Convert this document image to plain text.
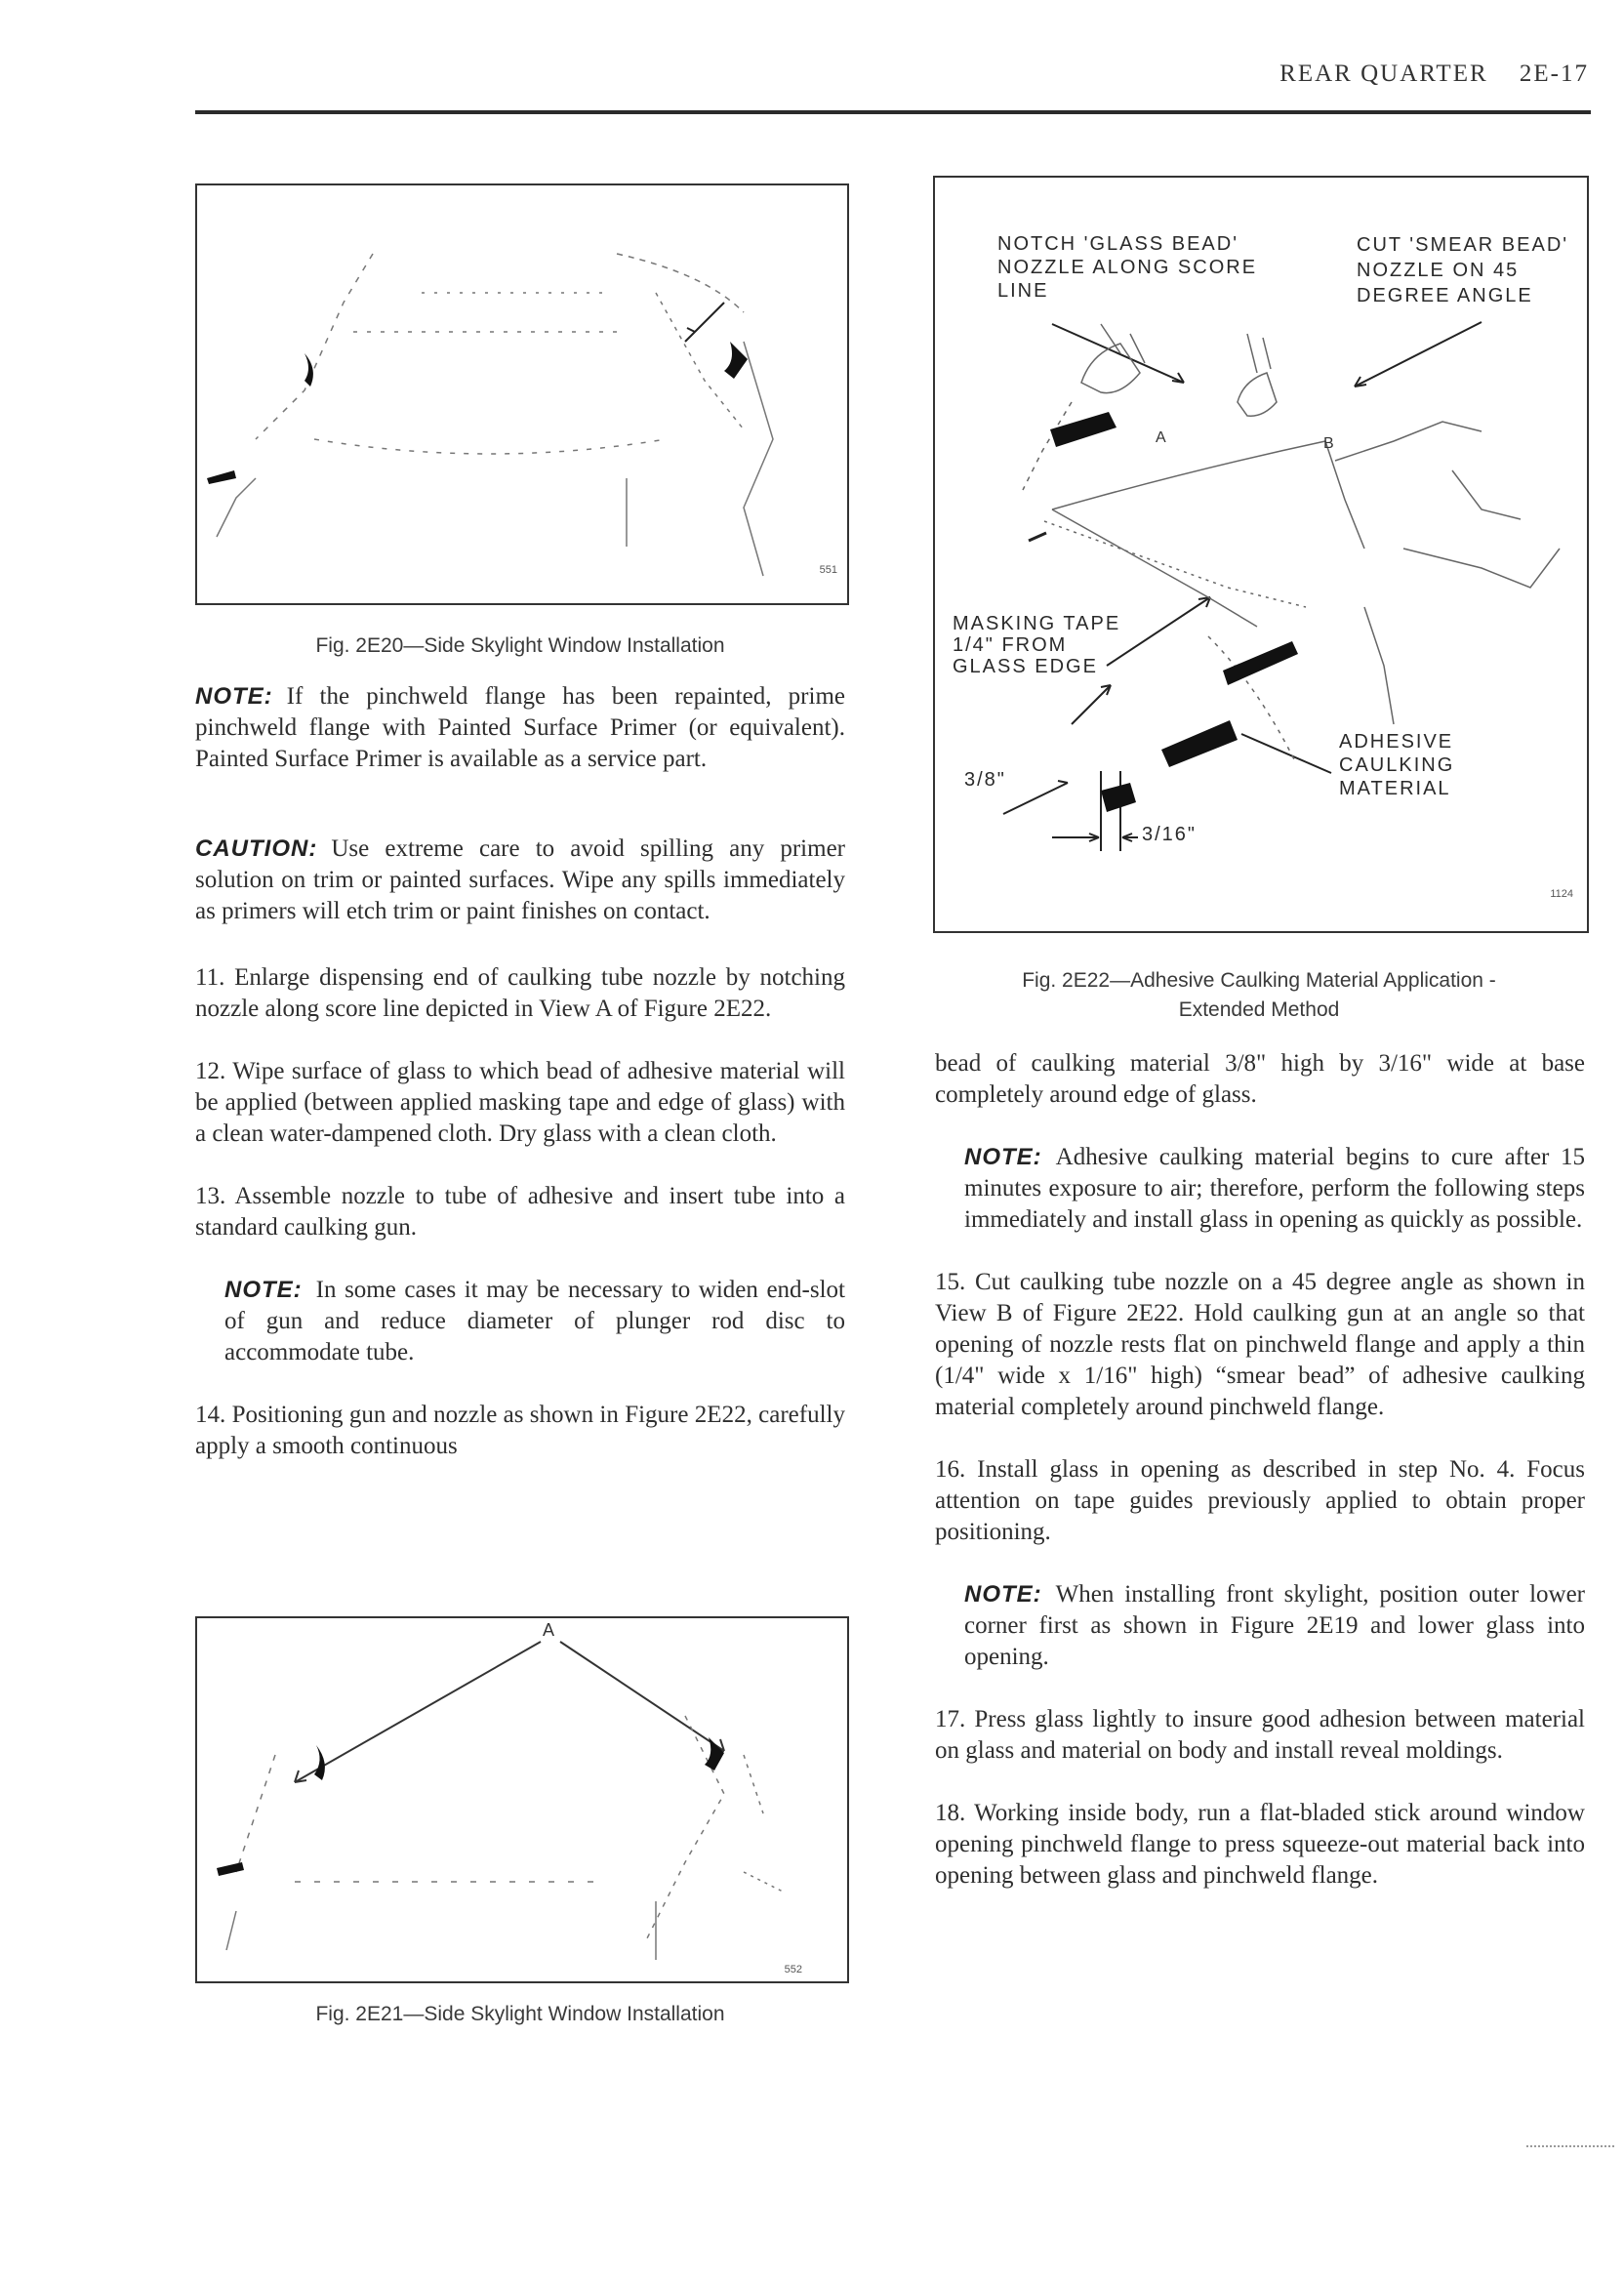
REAR QUARTER 2E-17
551
Fig. 2E20—Side Skylight Window Installation

NOTE: If the pinchweld flange has been repainted, prime pinchweld flange with Painted Surface Primer (or equivalent). Painted Surface Primer is available as a service part.

CAUTION: Use extreme care to avoid spilling any primer solution on trim or painted surfaces. Wipe any spills immediately as primers will etch trim or paint finishes on contact.

11. Enlarge dispensing end of caulking tube nozzle by notching nozzle along score line depicted in View A of Figure 2E22.

12. Wipe surface of glass to which bead of adhesive material will be applied (between applied masking tape and edge of glass) with a clean water-dampened cloth. Dry glass with a clean cloth.

13. Assemble nozzle to tube of adhesive and insert tube into a standard caulking gun.

NOTE: In some cases it may be necessary to widen end-slot of gun and reduce diameter of plunger rod disc to accommodate tube.

14. Positioning gun and nozzle as shown in Figure 2E22, carefully apply a smooth continuous

A
552
Fig. 2E21—Side Skylight Window Installation
NOTCH 'GLASS BEAD'
NOZZLE ALONG SCORE
LINE
CUT 'SMEAR BEAD'
NOZZLE ON 45
DEGREE ANGLE
A	B
MASKING TAPE
1/4" FROM
GLASS EDGE
ADHESIVE
CAULKING
MATERIAL
3/8"
3/16"
1124
Fig. 2E22—Adhesive Caulking Material Application -
Extended Method

bead of caulking material 3/8" high by 3/16" wide at base completely around edge of glass.

NOTE: Adhesive caulking material begins to cure after 15 minutes exposure to air; therefore, perform the following steps immediately and install glass in opening as quickly as possible.

15. Cut caulking tube nozzle on a 45 degree angle as shown in View B of Figure 2E22. Hold caulking gun at an angle so that opening of nozzle rests flat on pinchweld flange and apply a thin (1/4" wide x 1/16" high) “smear bead” of adhesive caulking material completely around pinchweld flange.

16. Install glass in opening as described in step No. 4. Focus attention on tape guides previously applied to obtain proper positioning.

NOTE: When installing front skylight, position outer lower corner first as shown in Figure 2E19 and lower glass into opening.

17. Press glass lightly to insure good adhesion between material on glass and material on body and install reveal moldings.

18. Working inside body, run a flat-bladed stick around window opening pinchweld flange to press squeeze-out material back into opening between glass and pinchweld flange.
